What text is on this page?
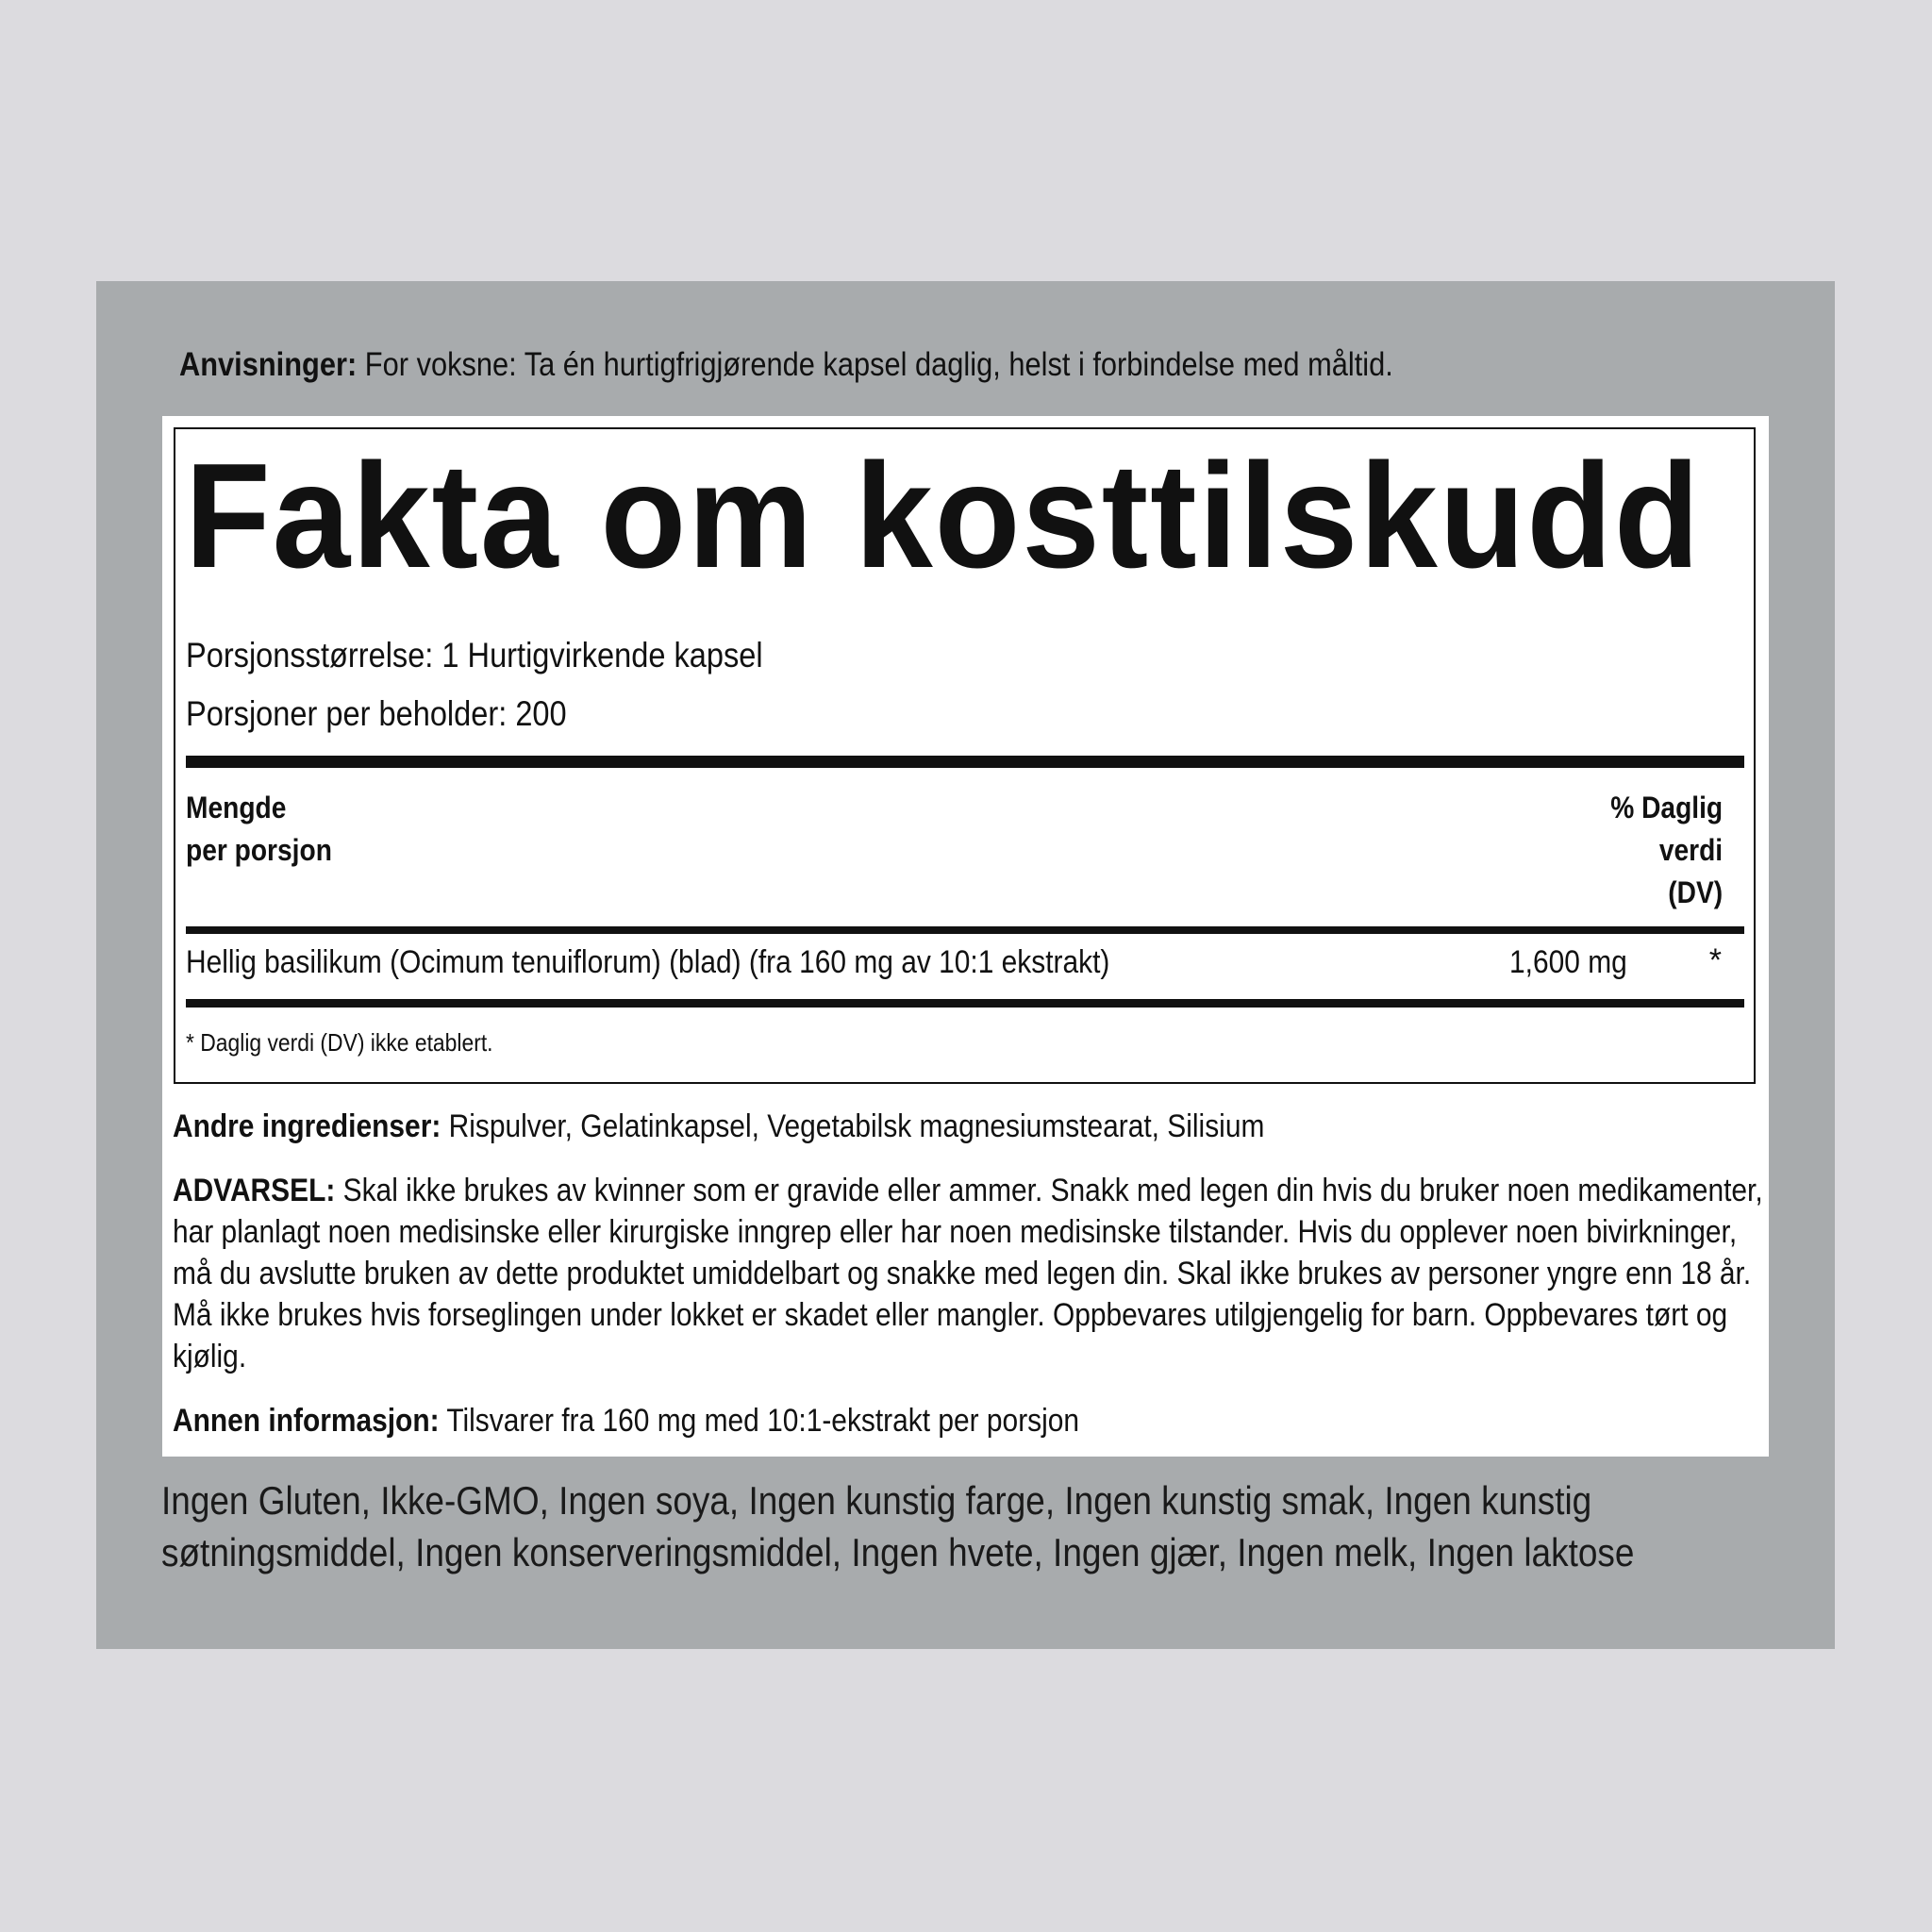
Anvisninger: For voksne: Ta én hurtigfrigjørende kapsel daglig, helst i forbindelse med måltid.
Fakta om kosttilskudd
Porsjonsstørrelse: 1 Hurtigvirkende kapsel
Porsjoner per beholder: 200
Mengde
per porsjon
% Daglig
verdi
(DV)
Hellig basilikum (Ocimum tenuiflorum) (blad) (fra 160 mg av 10:1 ekstrakt)	1,600 mg	*
* Daglig verdi (DV) ikke etablert.
Andre ingredienser: Rispulver, Gelatinkapsel, Vegetabilsk magnesiumstearat, Silisium
ADVARSEL: Skal ikke brukes av kvinner som er gravide eller ammer. Snakk med legen din hvis du bruker noen medikamenter, har planlagt noen medisinske eller kirurgiske inngrep eller har noen medisinske tilstander. Hvis du opplever noen bivirkninger, må du avslutte bruken av dette produktet umiddelbart og snakke med legen din. Skal ikke brukes av personer yngre enn 18 år. Må ikke brukes hvis forseglingen under lokket er skadet eller mangler. Oppbevares utilgjengelig for barn. Oppbevares tørt og kjølig.
Annen informasjon: Tilsvarer fra 160 mg med 10:1-ekstrakt per porsjon
Ingen Gluten, Ikke-GMO, Ingen soya, Ingen kunstig farge, Ingen kunstig smak, Ingen kunstig søtningsmiddel, Ingen konserveringsmiddel, Ingen hvete, Ingen gjær, Ingen melk, Ingen laktose
